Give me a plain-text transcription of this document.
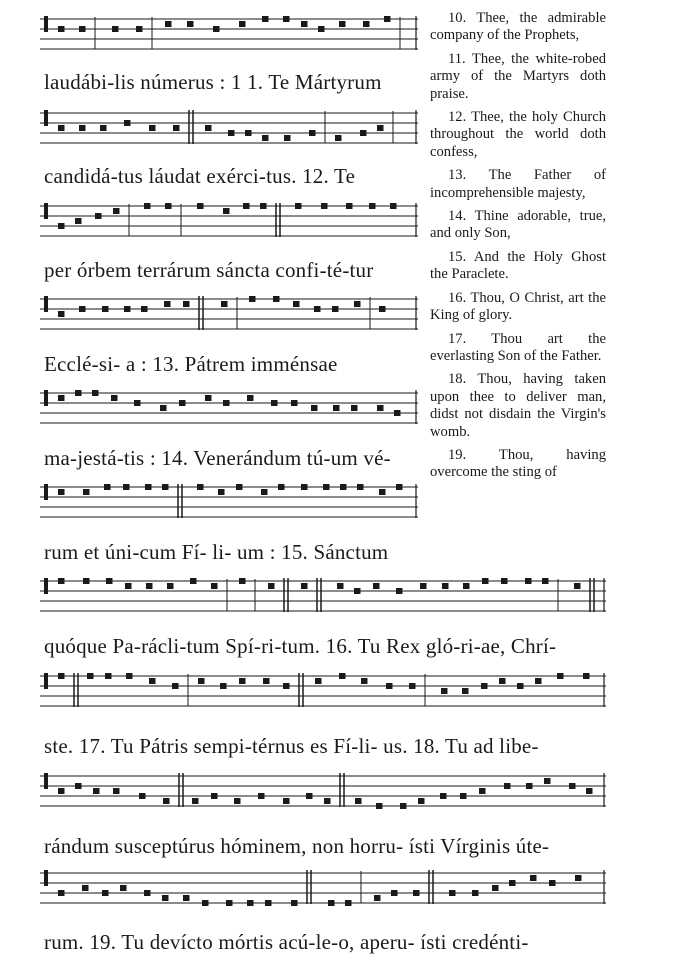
laudábi-lis númerus : 1 1. Te Mártyrum
candidá-tus láudat exérci-tus. 12. Te
per órbem terrárum sáncta confi-té-tur
Ecclé-si- a : 13. Pátrem imménsae
ma-jestá-tis : 14. Venerándum tú-um vé-
rum et úni-cum Fí- li- um : 15. Sánctum
quóque Pa-rácli-tum Spí-ri-tum. 16. Tu Rex gló-ri-ae, Chrí-
ste. 17. Tu Pátris sempi-térnus es Fí-li- us. 18. Tu ad libe-
rándum susceptúrus hóminem, non horru- ísti Vírginis úte-
rum. 19. Tu devícto mórtis acú-le-o, aperu- ísti credénti-

10. Thee, the admirable company of the Prophets,

11. Thee, the white-robed army of the Martyrs doth praise.

12. Thee, the holy Church throughout the world doth confess,

13. The Father of incomprehensible majesty,

14. Thine adorable, true, and only Son,

15. And the Holy Ghost the Paraclete.

16. Thou, O Christ, art the King of glory.

17. Thou art the everlasting Son of the Father.

18. Thou, having taken upon thee to deliver man, didst not disdain the Virgin's womb.

19. Thou, having overcome the sting of
